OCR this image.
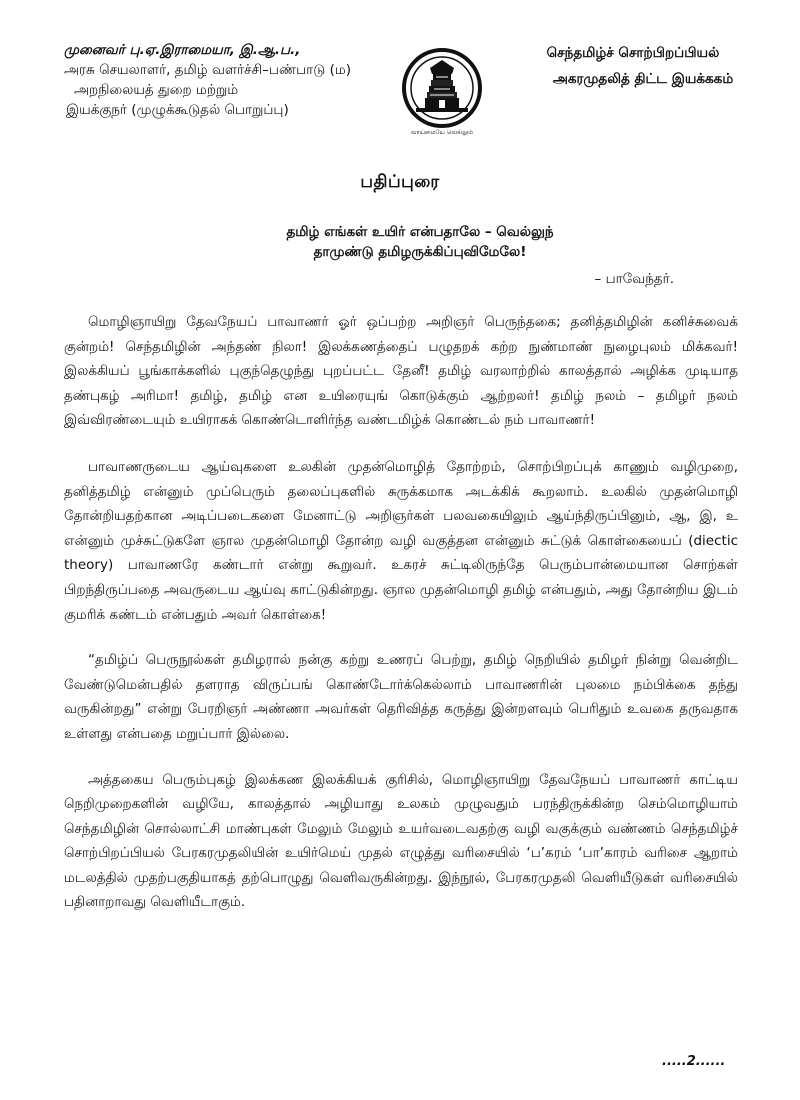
முனைவர் பு.ஏ.இராமையா, இ.ஆ.ப.,
அரசு செயலாளர், தமிழ் வளர்ச்சி–பண்பாடு (ம)
அறநிலையத் துறை மற்றும்
இயக்குநர் (முழுக்கூடுதல் பொறுப்பு)
வாய்மையே வெல்லும்
செந்தமிழ்ச் சொற்பிறப்பியல்
அகரமுதலித் திட்ட இயக்ககம்
பதிப்புரை
தமிழ் எங்கள் உயிர் என்பதாலே – வெல்லுந்
தாமுண்டு தமிழருக்கிப்புவிமேலே!
– பாவேந்தர்.

மொழிஞாயிறு தேவநேயப் பாவாணர் ஓர் ஒப்பற்ற அறிஞர் பெருந்தகை; தனித்தமிழின் கனிச்சுவைக் குன்றம்! செந்தமிழின் அந்தண் நிலா! இலக்கணத்தைப் பழுதறக் கற்ற நுண்மாண் நுழைபுலம் மிக்கவர்! இலக்கியப் பூங்காக்களில் புகுந்தெழுந்து புறப்பட்ட தேனீ! தமிழ் வரலாற்றில் காலத்தால் அழிக்க முடியாத தண்புகழ் அரிமா! தமிழ், தமிழ் என உயிரையுங் கொடுக்கும் ஆற்றலர்! தமிழ் நலம் – தமிழர் நலம் இவ்விரண்டையும் உயிராகக் கொண்டொளிர்ந்த வண்டமிழ்க் கொண்டல் நம் பாவாணர்!

பாவாணருடைய ஆய்வுகளை உலகின் முதன்மொழித் தோற்றம், சொற்பிறப்புக் காணும் வழிமுறை, தனித்தமிழ் என்னும் முப்பெரும் தலைப்புகளில் சுருக்கமாக அடக்கிக் கூறலாம். உலகில் முதன்மொழி தோன்றியதற்கான அடிப்படைகளை மேனாட்டு அறிஞர்கள் பலவகையிலும் ஆய்ந்திருப்பினும், ஆ, இ, உ என்னும் முச்சுட்டுகளே ஞால முதன்மொழி தோன்ற வழி வகுத்தன என்னும் சுட்டுக் கொள்கையைப் (diectic theory) பாவாணரே கண்டார் என்று கூறுவர். உகரச் சுட்டிலிருந்தே பெரும்பான்மையான சொற்கள் பிறந்திருப்பதை அவருடைய ஆய்வு காட்டுகின்றது. ஞால முதன்மொழி தமிழ் என்பதும், அது தோன்றிய இடம் குமரிக் கண்டம் என்பதும் அவர் கொள்கை!

“தமிழ்ப் பெருநூல்கள் தமிழரால் நன்கு கற்று உணரப் பெற்று, தமிழ் நெறியில் தமிழர் நின்று வென்றிட வேண்டுமென்பதில் தளராத விருப்பங் கொண்டோர்க்கெல்லாம் பாவாணரின் புலமை நம்பிக்கை தந்து வருகின்றது” என்று பேரறிஞர் அண்ணா அவர்கள் தெரிவித்த கருத்து இன்றளவும் பெரிதும் உவகை தருவதாக உள்ளது என்பதை மறுப்பார் இல்லை.

அத்தகைய பெரும்புகழ் இலக்கண இலக்கியக் குரிசில், மொழிஞாயிறு தேவநேயப் பாவாணர் காட்டிய நெறிமுறைகளின் வழியே, காலத்தால் அழியாது உலகம் முழுவதும் பரந்திருக்கின்ற செம்மொழியாம் செந்தமிழின் சொல்லாட்சி மாண்புகள் மேலும் மேலும் உயர்வடைவதற்கு வழி வகுக்கும் வண்ணம் செந்தமிழ்ச் சொற்பிறப்பியல் பேரகரமுதலியின் உயிர்மெய் முதல் எழுத்து வரிசையில் ‘ப’கரம் ‘பா’காரம் வரிசை ஆறாம் மடலத்தில் முதற்பகுதியாகத் தற்பொழுது வெளிவருகின்றது. இந்நூல், பேரகரமுதலி வெளியீடுகள் வரிசையில் பதினாறாவது வெளியீடாகும்.

.....2......
